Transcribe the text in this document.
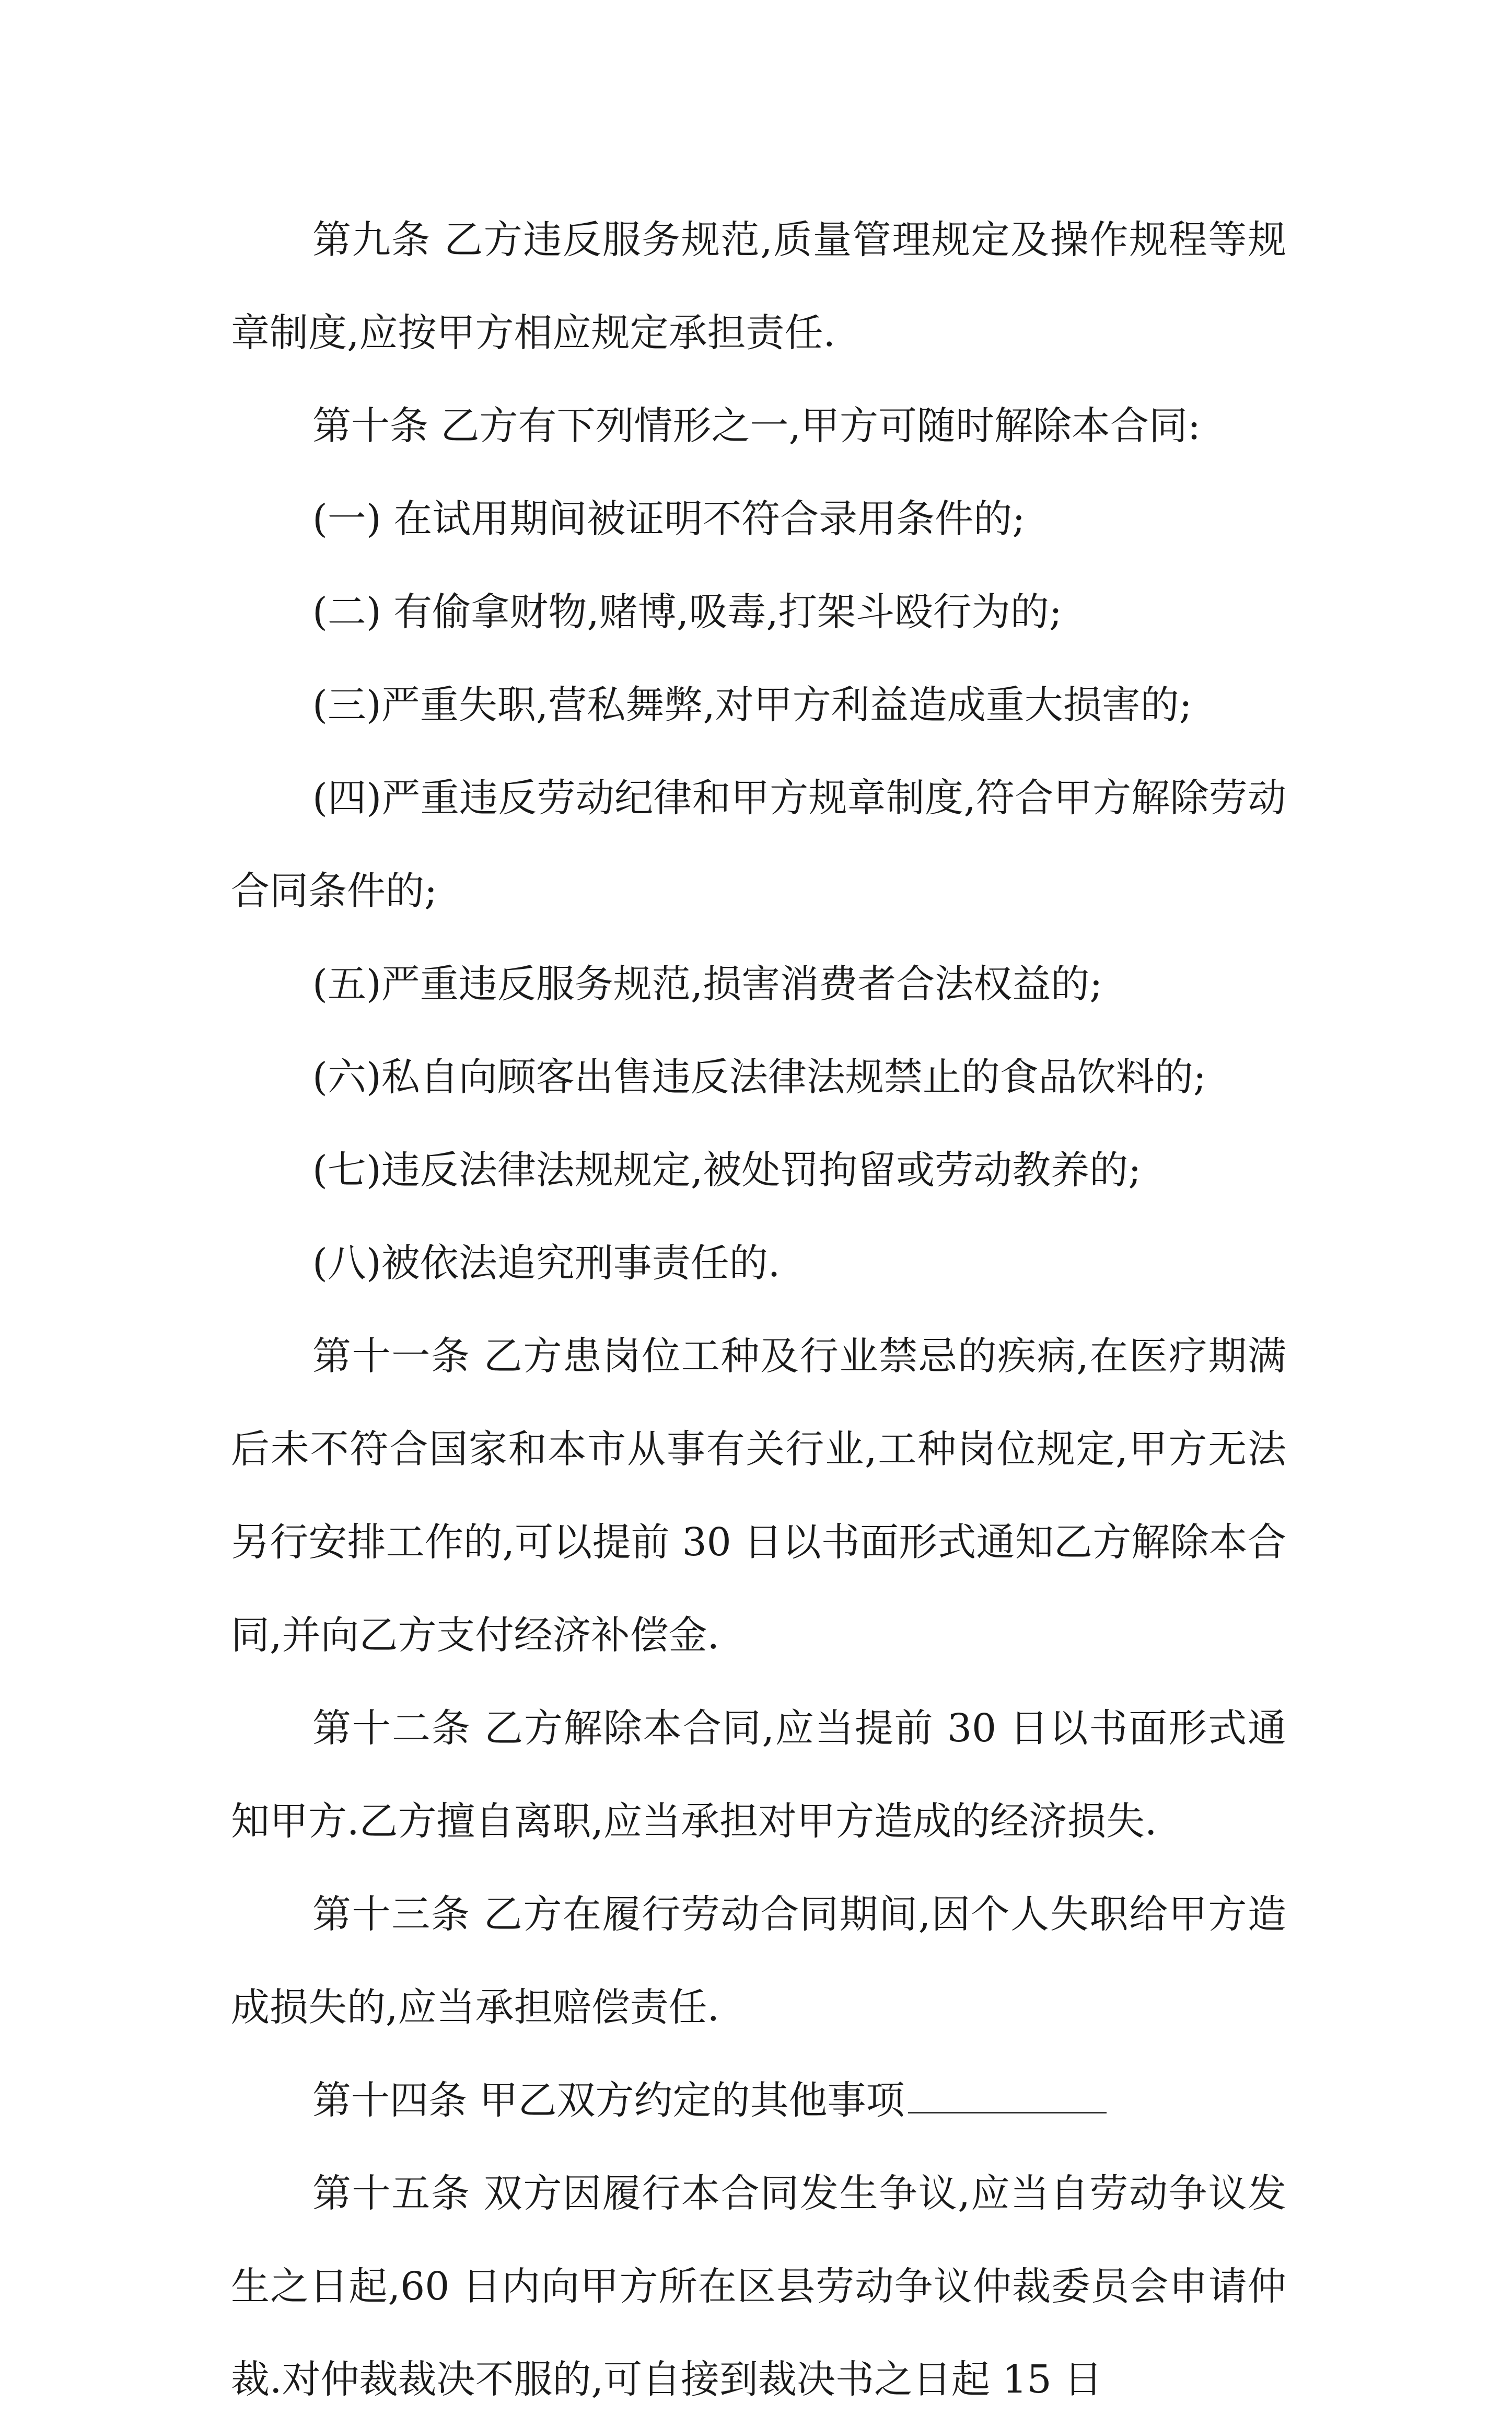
第九条 乙方违反服务规范,质量管理规定及操作规程等规章制度,应按甲方相应规定承担责任.

第十条 乙方有下列情形之一,甲方可随时解除本合同:

(一) 在试用期间被证明不符合录用条件的;

(二) 有偷拿财物,赌博,吸毒,打架斗殴行为的;

(三)严重失职,营私舞弊,对甲方利益造成重大损害的;

(四)严重违反劳动纪律和甲方规章制度,符合甲方解除劳动合同条件的;

(五)严重违反服务规范,损害消费者合法权益的;

(六)私自向顾客出售违反法律法规禁止的食品饮料的;

(七)违反法律法规规定,被处罚拘留或劳动教养的;

(八)被依法追究刑事责任的.

第十一条 乙方患岗位工种及行业禁忌的疾病,在医疗期满后未不符合国家和本市从事有关行业,工种岗位规定,甲方无法另行安排工作的,可以提前 30 日以书面形式通知乙方解除本合同,并向乙方支付经济补偿金.

第十二条 乙方解除本合同,应当提前 30 日以书面形式通知甲方.乙方擅自离职,应当承担对甲方造成的经济损失.

第十三条 乙方在履行劳动合同期间,因个人失职给甲方造成损失的,应当承担赔偿责任.

第十四条 甲乙双方约定的其他事项

第十五条 双方因履行本合同发生争议,应当自劳动争议发生之日起,60 日内向甲方所在区县劳动争议仲裁委员会申请仲裁.对仲裁裁决不服的,可自接到裁决书之日起 15 日
